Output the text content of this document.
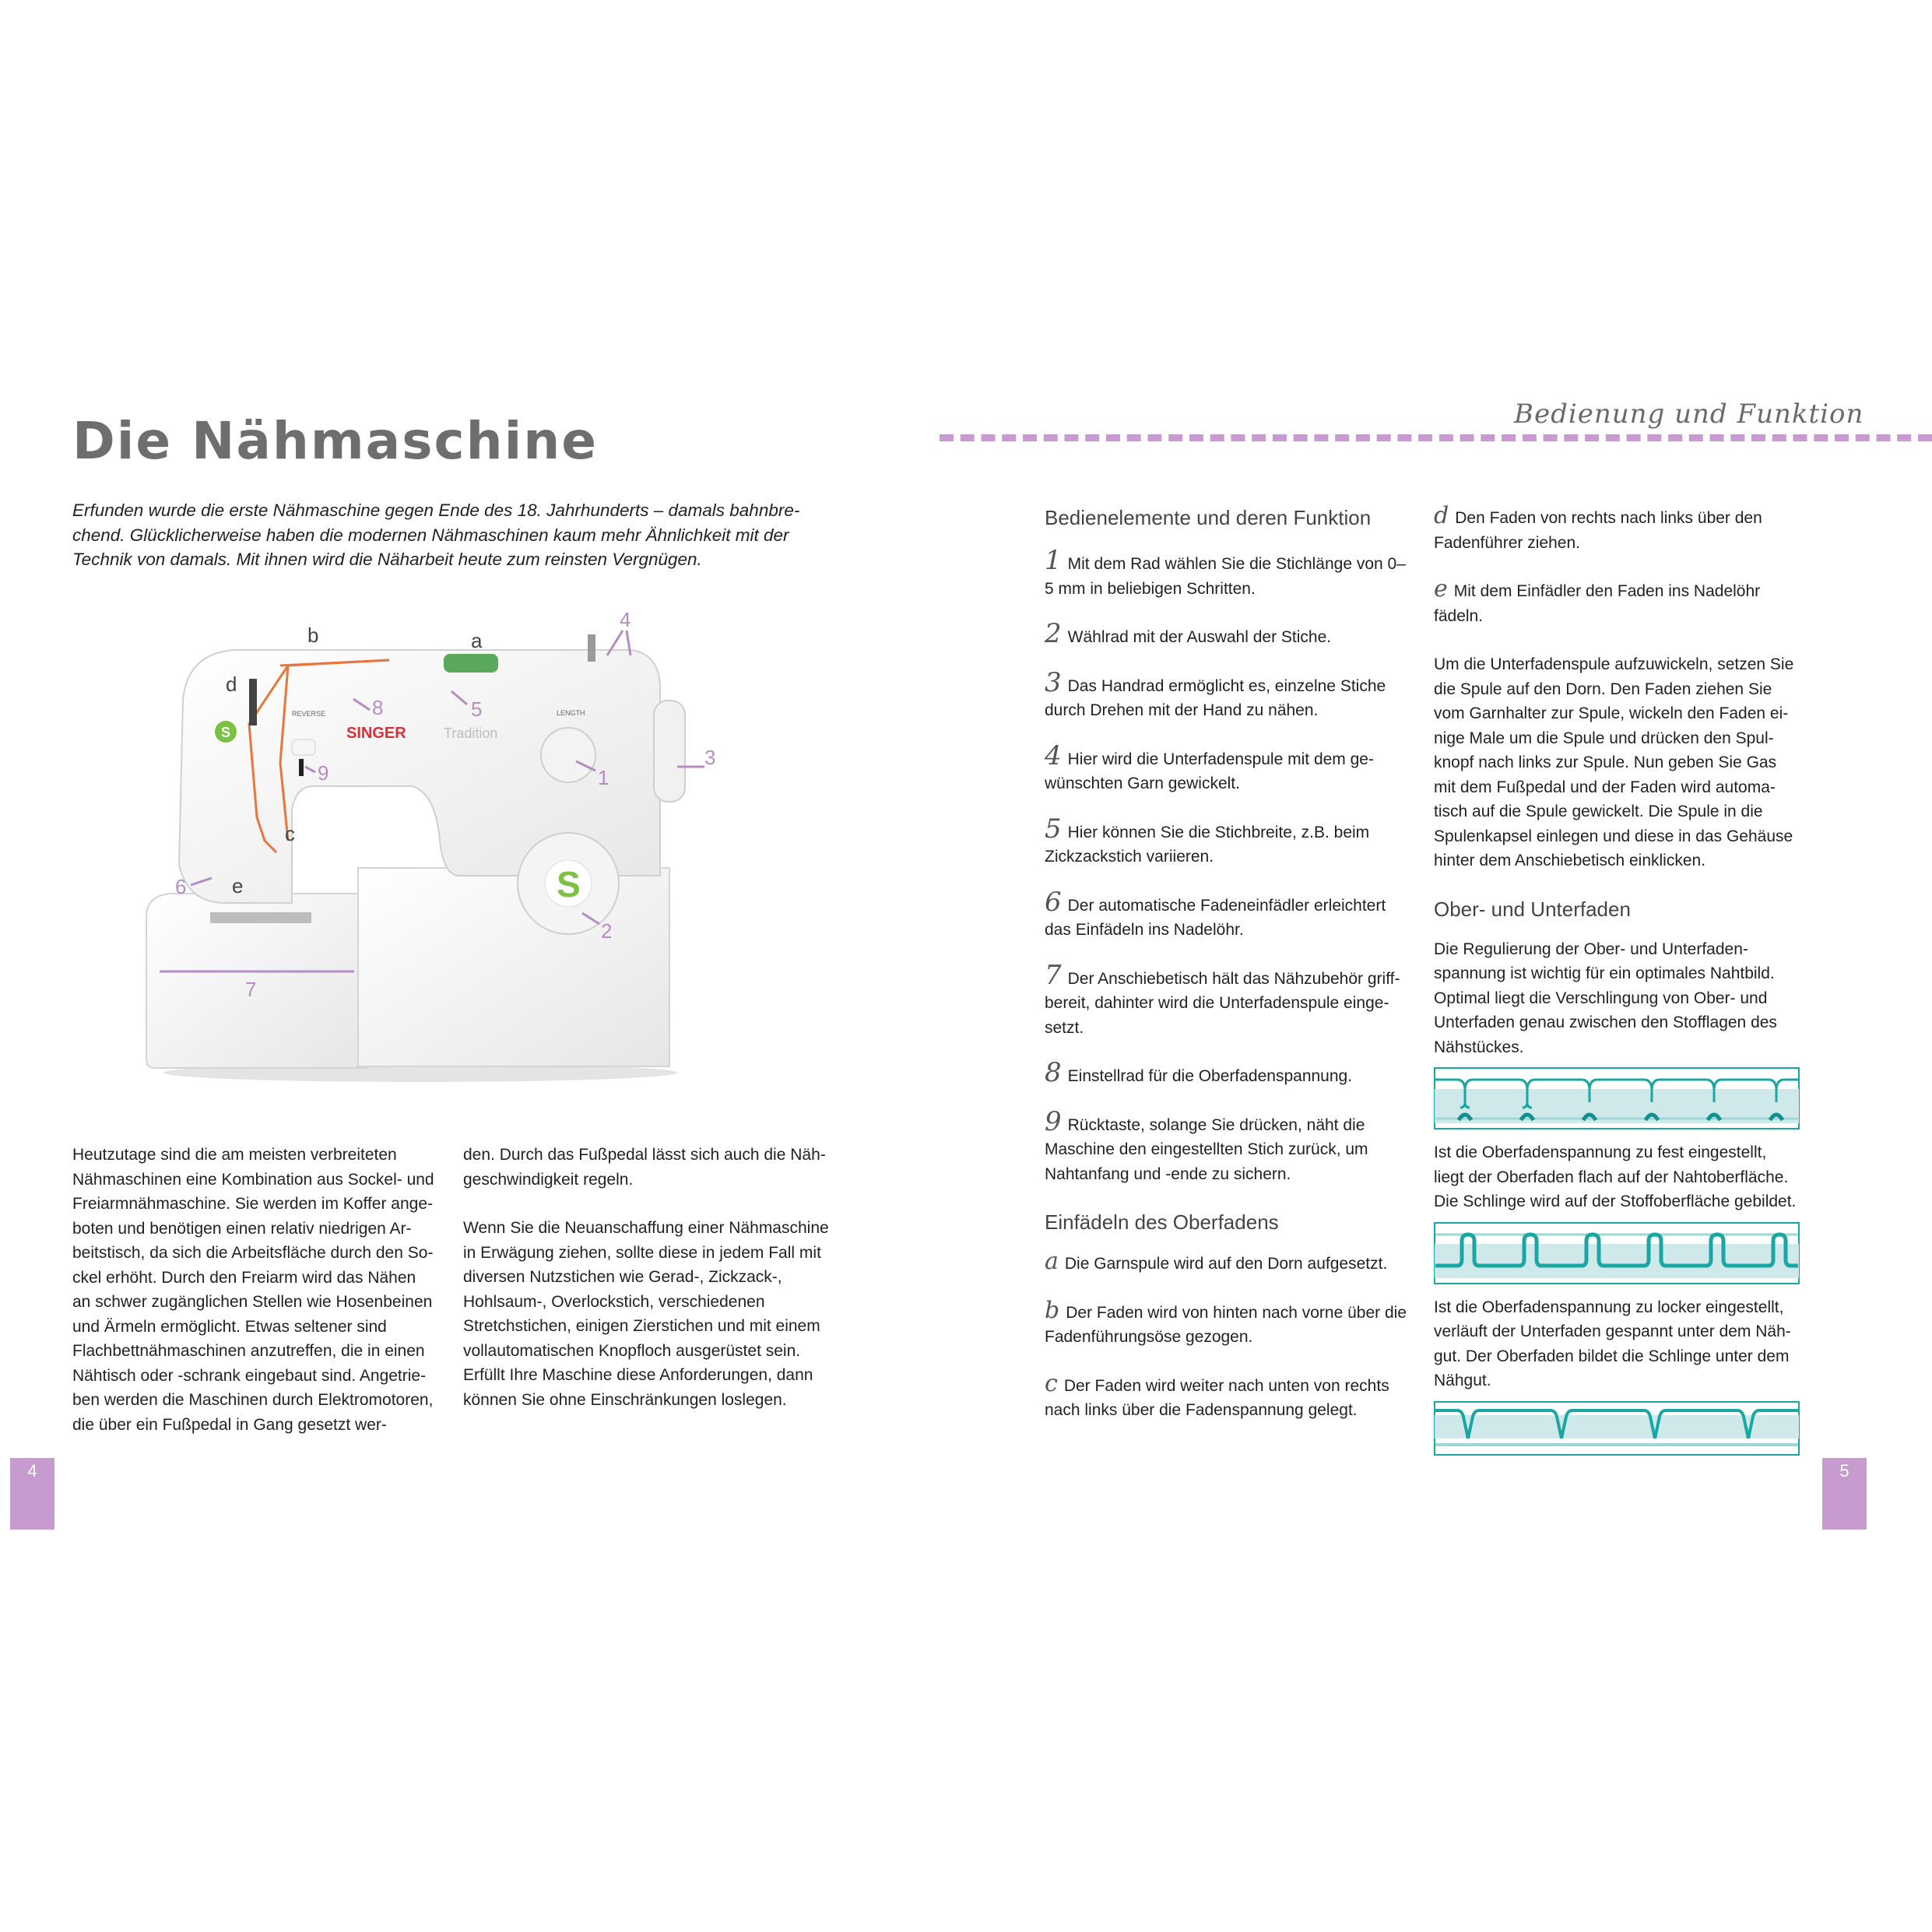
Die Nähmaschine
Erfunden wurde die erste Nähmaschine gegen Ende des 18. Jahrhunderts – damals bahnbrechend. Glücklicherweise haben die modernen Nähmaschinen kaum mehr Ähnlichkeit mit der Technik von damals. Mit ihnen wird die Näharbeit heute zum reinsten Vergnügen.
S	SINGER	Tradition
REVERSE	LENGTH
S
1
2
3
4
5
6
7
8
9
a
b
c
d
e

Heutzutage sind die am meisten verbreiteten Nähmaschinen eine Kombination aus Sockel- und Freiarmnähmaschine. Sie werden im Koffer angeboten und benötigen einen relativ niedrigen Arbeitstisch, da sich die Arbeitsfläche durch den Sockel erhöht. Durch den Freiarm wird das Nähen an schwer zugänglichen Stellen wie Hosenbeinen und Ärmeln ermöglicht. Etwas seltener sind Flachbettnähmaschinen anzutreffen, die in einen Nähtisch oder -schrank eingebaut sind. Angetrieben werden die Maschinen durch Elektromotoren, die über ein Fußpedal in Gang gesetzt wer-

den. Durch das Fußpedal lässt sich auch die Nähgeschwindigkeit regeln.

Wenn Sie die Neuanschaffung einer Nähmaschine in Erwägung ziehen, sollte diese in jedem Fall mit diversen Nutzstichen wie Gerad-, Zickzack-, Hohlsaum-, Overlockstich, verschiedenen Stretchstichen, einigen Zierstichen und mit einem vollautomatischen Knopfloch ausgerüstet sein. Erfüllt Ihre Maschine diese Anforderungen, dann können Sie ohne Einschränkungen loslegen.

4
Bedienung und Funktion
Bedienelemente und deren Funktion
1 Mit dem Rad wählen Sie die Stichlänge von 0–5 mm in beliebigen Schritten.
2 Wählrad mit der Auswahl der Stiche.
3 Das Handrad ermöglicht es, einzelne Stiche durch Drehen mit der Hand zu nähen.
4 Hier wird die Unterfadenspule mit dem gewünschten Garn gewickelt.
5 Hier können Sie die Stichbreite, z.B. beim Zickzackstich variieren.
6 Der automatische Fadeneinfädler erleichtert das Einfädeln ins Nadelöhr.
7 Der Anschiebetisch hält das Nähzubehör griffbereit, dahinter wird die Unterfadenspule eingesetzt.
8 Einstellrad für die Oberfadenspannung.
9 Rücktaste, solange Sie drücken, näht die Maschine den eingestellten Stich zurück, um Nahtanfang und -ende zu sichern.
Einfädeln des Oberfadens
a Die Garnspule wird auf den Dorn aufgesetzt.
b Der Faden wird von hinten nach vorne über die Fadenführungsöse gezogen.
c Der Faden wird weiter nach unten von rechts nach links über die Fadenspannung gelegt.
d Den Faden von rechts nach links über den Fadenführer ziehen.
e Mit dem Einfädler den Faden ins Nadelöhr fädeln.
Um die Unterfadenspule aufzuwickeln, setzen Sie die Spule auf den Dorn. Den Faden ziehen Sie vom Garnhalter zur Spule, wickeln den Faden einige Male um die Spule und drücken den Spulknopf nach links zur Spule. Nun geben Sie Gas mit dem Fußpedal und der Faden wird automatisch auf die Spule gewickelt. Die Spule in die Spulenkapsel einlegen und diese in das Gehäuse hinter dem Anschiebetisch einklicken.
Ober- und Unterfaden
Die Regulierung der Ober- und Unterfadenspannung ist wichtig für ein optimales Nahtbild. Optimal liegt die Verschlingung von Ober- und Unterfaden genau zwischen den Stofflagen des Nähstückes.
Ist die Oberfadenspannung zu fest eingestellt, liegt der Oberfaden flach auf der Nahtoberfläche. Die Schlinge wird auf der Stoffoberfläche gebildet.
Ist die Oberfadenspannung zu locker eingestellt, verläuft der Unterfaden gespannt unter dem Nähgut. Der Oberfaden bildet die Schlinge unter dem Nähgut.
5
